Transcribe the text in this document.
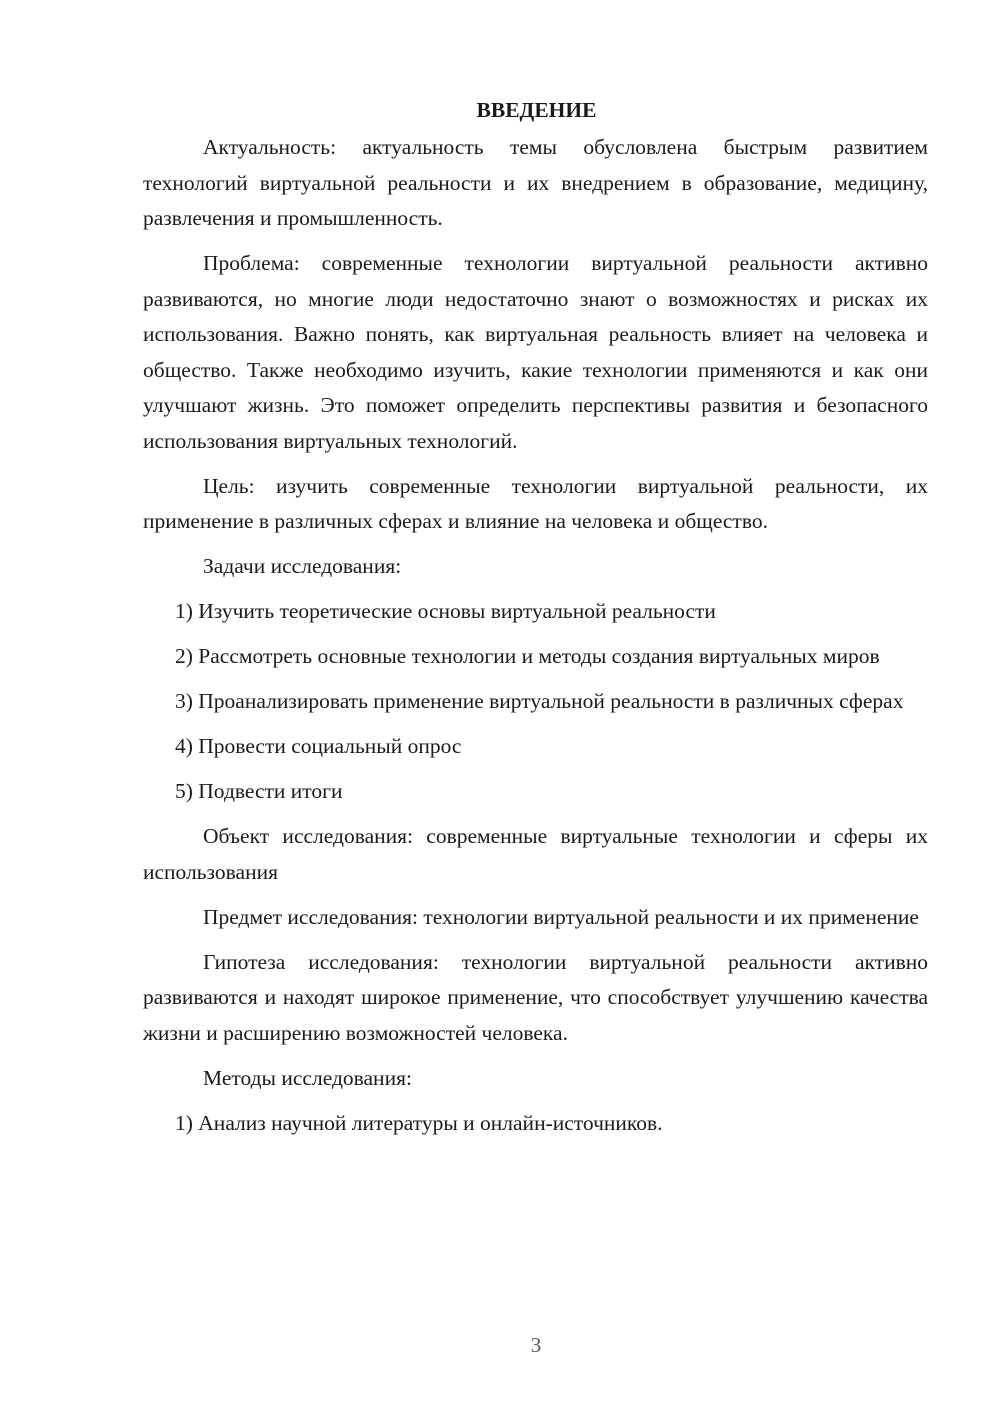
ВВЕДЕНИЕ

Актуальность: актуальность темы обусловлена быстрым развитием технологий виртуальной реальности и их внедрением в образование, медицину, развлечения и промышленность.

Проблема: современные технологии виртуальной реальности активно развиваются, но многие люди недостаточно знают о возможностях и рисках их использования. Важно понять, как виртуальная реальность влияет на человека и общество. Также необходимо изучить, какие технологии применяются и как они улучшают жизнь. Это поможет определить перспективы развития и безопасного использования виртуальных технологий.

Цель: изучить современные технологии виртуальной реальности, их применение в различных сферах и влияние на человека и общество.

Задачи исследования:

1) Изучить теоретические основы виртуальной реальности

2) Рассмотреть основные технологии и методы создания виртуальных миров

3) Проанализировать применение виртуальной реальности в различных сферах

4) Провести социальный опрос

5) Подвести итоги

Объект исследования: современные виртуальные технологии и сферы их использования

Предмет исследования: технологии виртуальной реальности и их применение

Гипотеза исследования: технологии виртуальной реальности активно развиваются и находят широкое применение, что способствует улучшению качества жизни и расширению возможностей человека.

Методы исследования:

1) Анализ научной литературы и онлайн-источников.

3
